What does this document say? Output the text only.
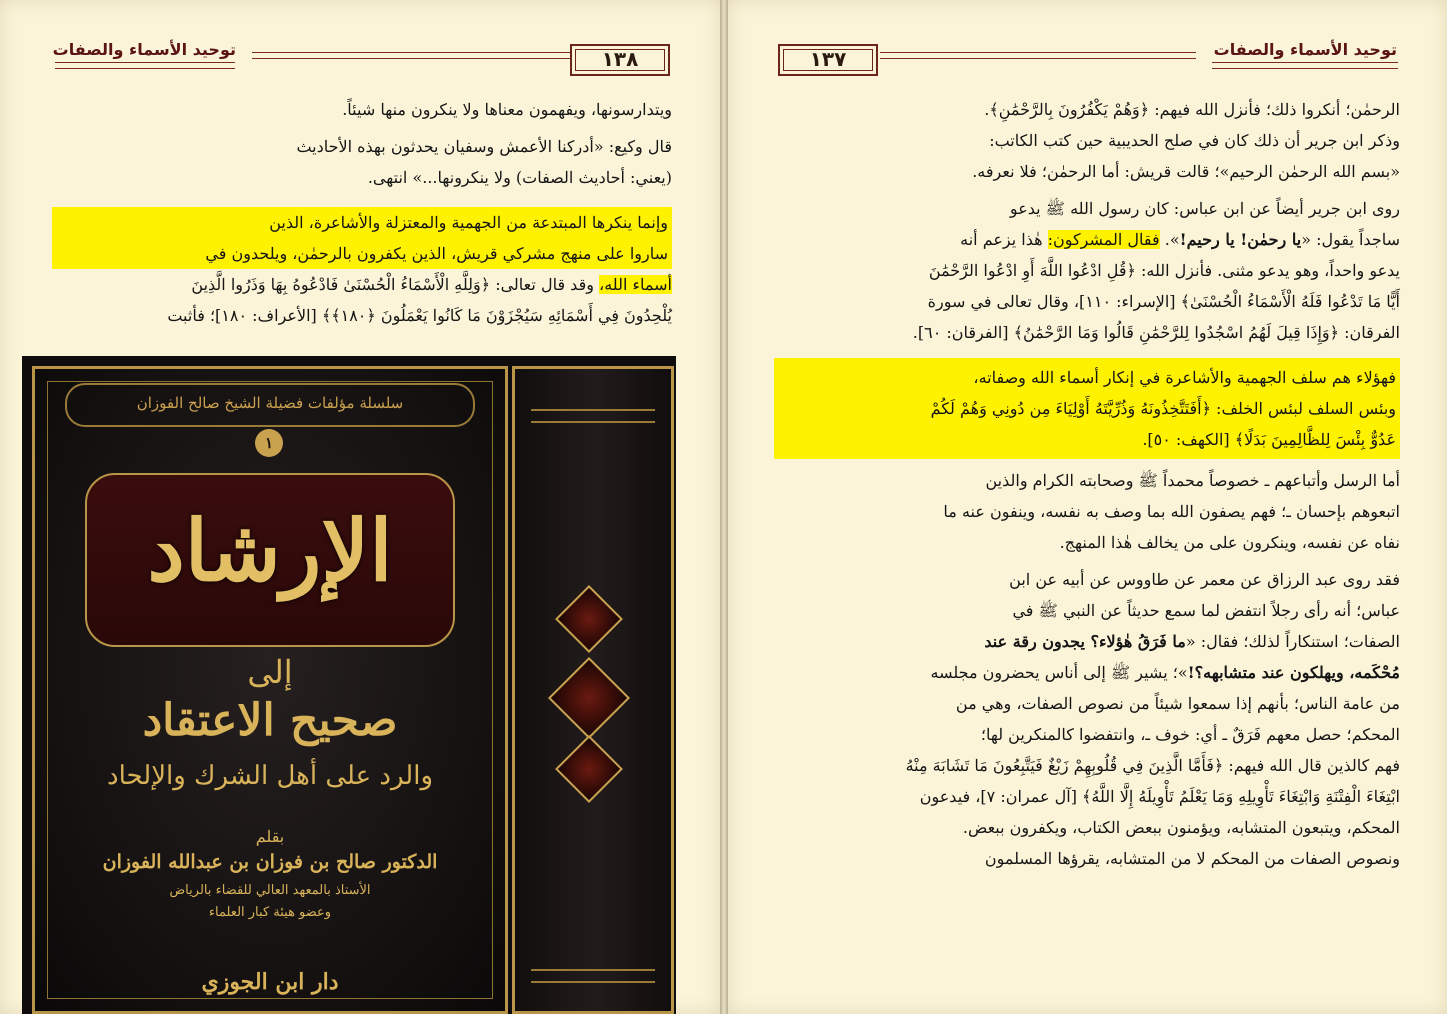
توحيد الأسماء والصفات	١٣٨

ويتدارسونها، ويفهمون معناها ولا ينكرون منها شيئاً.

قال وكيع: «أدركنا الأعمش وسفيان يحدثون بهذه الأحاديث

(يعني: أحاديث الصفات) ولا ينكرونها...» انتهى.

وإنما ينكرها المبتدعة من الجهمية والمعتزلة والأشاعرة، الذين

ساروا على منهج مشركي قريش، الذين يكفرون بالرحمٰن، ويلحدون في

أسماء الله، وقد قال تعالى: ﴿وَلِلَّهِ الْأَسْمَاءُ الْحُسْنَىٰ فَادْعُوهُ بِهَا وَذَرُوا الَّذِينَ

يُلْحِدُونَ فِي أَسْمَائِهِ سَيُجْزَوْنَ مَا كَانُوا يَعْمَلُونَ ﴿١٨٠﴾﴾ [الأعراف: ١٨٠]؛ فأثبت

سلسلة مؤلفات فضيلة الشيخ صالح الفوزان
١
الإرشاد
إلى
صحيح الاعتقاد
والرد على أهل الشرك والإلحاد
بقلم
الدكتور صالح بن فوزان بن عبدالله الفوزان
الأستاذ بالمعهد العالي للقضاء بالرياض
وعضو هيئة كبار العلماء
دار ابن الجوزي
توحيد الأسماء والصفات
١٣٧

الرحمٰن؛ أنكروا ذلك؛ فأنزل الله فيهم: ﴿وَهُمْ يَكْفُرُونَ بِالرَّحْمَٰنِ﴾.

وذكر ابن جرير أن ذلك كان في صلح الحديبية حين كتب الكاتب:

«بسم الله الرحمٰن الرحيم»؛ قالت قريش: أما الرحمٰن؛ فلا نعرفه.

روى ابن جرير أيضاً عن ابن عباس: كان رسول الله ﷺ يدعو

ساجداً يقول: «يا رحمٰن! يا رحيم!». فقال المشركون: هٰذا يزعم أنه

يدعو واحداً، وهو يدعو مثنى. فأنزل الله: ﴿قُلِ ادْعُوا اللَّهَ أَوِ ادْعُوا الرَّحْمَٰنَ

أَيًّا مَا تَدْعُوا فَلَهُ الْأَسْمَاءُ الْحُسْنَىٰ﴾ [الإسراء: ١١٠]، وقال تعالى في سورة

الفرقان: ﴿وَإِذَا قِيلَ لَهُمُ اسْجُدُوا لِلرَّحْمَٰنِ قَالُوا وَمَا الرَّحْمَٰنُ﴾ [الفرقان: ٦٠].

فهؤلاء هم سلف الجهمية والأشاعرة في إنكار أسماء الله وصفاته،

وبئس السلف لبئس الخلف: ﴿أَفَتَتَّخِذُونَهُ وَذُرِّيَّتَهُ أَوْلِيَاءَ مِن دُونِي وَهُمْ لَكُمْ

عَدُوٌّ بِئْسَ لِلظَّالِمِينَ بَدَلًا﴾ [الكهف: ٥٠].

أما الرسل وأتباعهم ـ خصوصاً محمداً ﷺ وصحابته الكرام والذين

اتبعوهم بإحسان ـ؛ فهم يصفون الله بما وصف به نفسه، وينفون عنه ما

نفاه عن نفسه، وينكرون على من يخالف هٰذا المنهج.

فقد روى عبد الرزاق عن معمر عن طاووس عن أبيه عن ابن

عباس؛ أنه رأى رجلاً انتفض لما سمع حديثاً عن النبي ﷺ في

الصفات؛ استنكاراً لذلك؛ فقال: «ما فَرَقُ هٰؤلاء؟ يجدون رقة عند

مُحْكَمه، ويهلكون عند متشابهه؟!»؛ يشير ﷺ إلى أناس يحضرون مجلسه

من عامة الناس؛ بأنهم إذا سمعوا شيئاً من نصوص الصفات، وهي من

المحكم؛ حصل معهم فَرَقٌ ـ أي: خوف ـ، وانتفضوا كالمنكرين لها؛

فهم كالذين قال الله فيهم: ﴿فَأَمَّا الَّذِينَ فِي قُلُوبِهِمْ زَيْغٌ فَيَتَّبِعُونَ مَا تَشَابَهَ مِنْهُ

ابْتِغَاءَ الْفِتْنَةِ وَابْتِغَاءَ تَأْوِيلِهِ وَمَا يَعْلَمُ تَأْوِيلَهُ إِلَّا اللَّهُ﴾ [آل عمران: ٧]، فيدعون

المحكم، ويتبعون المتشابه، ويؤمنون ببعض الكتاب، ويكفرون ببعض.

ونصوص الصفات من المحكم لا من المتشابه، يقرؤها المسلمون
